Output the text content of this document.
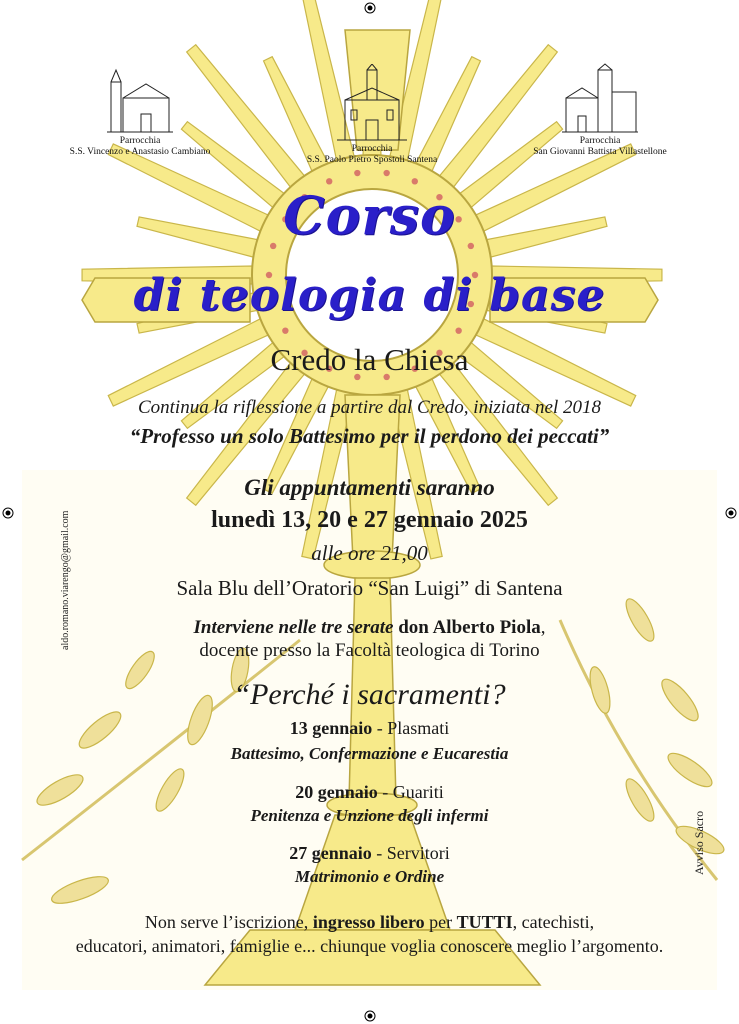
Parrocchia
S.S. Vincenzo e Anastasio Cambiano	Parrocchia
S.S. Paolo Pietro Spostoli Santena
Parrocchia
San Giovanni Battista Villastellone
Corso
di teologia di base
Credo la Chiesa
Continua la riflessione a partire dal Credo, iniziata nel 2018
“Professo un solo Battesimo per il perdono dei peccati”
Gli appuntamenti saranno
lunedì 13, 20 e 27 gennaio 2025
alle ore 21,00
Sala Blu dell’Oratorio “San Luigi” di Santena
Interviene nelle tre serate don Alberto Piola,
docente presso la Facoltà teologica di Torino
“Perché i sacramenti?
13 gennaio - Plasmati
Battesimo, Confermazione e Eucarestia
20 gennaio - Guariti
Penitenza e Unzione degli infermi
27 gennaio - Servitori
Matrimonio e Ordine
Non serve l’iscrizione, ingresso libero per TUTTI, catechisti,
educatori, animatori, famiglie e... chiunque voglia conoscere meglio l’argomento.
aldo.romano.viarengo@gmail.com
Avviso Sacro
